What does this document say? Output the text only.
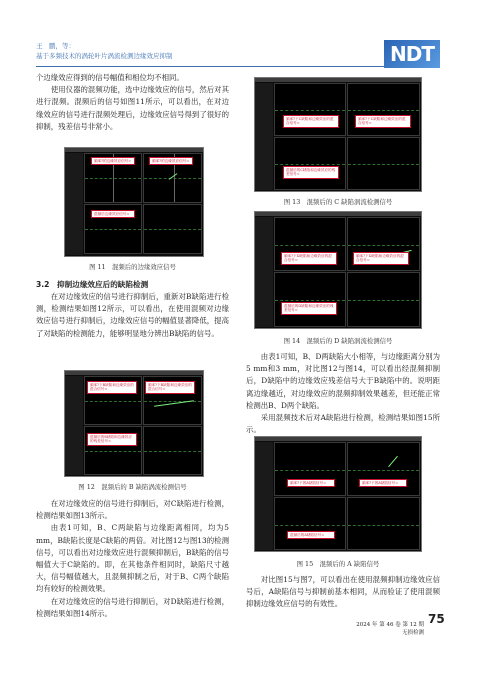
王　鹏，等：
基于多频技术的涡轮叶片涡流检测边缘效应抑制	NDT

个边缘效应得到的信号幅值和相位均不相同。

使用仪器的混频功能，选中边缘效应的信号，然后对其进行混频。混频后的信号如图11所示，可以看出，在对边缘效应的信号进行混频处理后，边缘效应信号得到了很好的抑制，残差信号非常小。

频率?的边缘效应信号=	频率?的边缘效应信号=
混频后边缘效应信号=
图 11　混频后的边缘效应信号
3.2　抑制边缘效应后的缺陷检测

在对边缘效应的信号进行抑制后，重新对B缺陷进行检测，检测结果如图12所示，可以看出，在使用混频对边缘效应信号进行抑制后，边缘效应信号的幅值显著降低，提高了对缺陷的检测能力，能够明显地分辨出B缺陷的信号。

频率?下B缺陷和边缘效应的混合信号=
频率?下B缺陷和边缘效应的混合信号=
混频后的B缺陷和边缘效应的残差信号=
图 12　混频后的 B 缺陷涡流检测信号

在对边缘效应的信号进行抑制后，对C缺陷进行检测，检测结果如图13所示。

由表1可知，B、C两缺陷与边缘距离相同，均为5 mm，B缺陷长度是C缺陷的两倍。对比图12与图13的检测信号，可以看出对边缘效应进行混频抑制后，B缺陷的信号幅值大于C缺陷的。即，在其他条件相同时，缺陷尺寸越大，信号幅值越大，且混频抑制之后，对于B、C两个缺陷均有较好的检测效果。

在对边缘效应的信号进行抑制后，对D缺陷进行检测，检测结果如图14所示。

频率?下C缺陷和边缘效应的混合信号=
频率?下C缺陷和边缘效应的混合信号=
混频后的C缺陷和边缘效应的残差信号=
图 13　混频后的 C 缺陷涡流检测信号
频率?下D缺陷和边缘效应的混合信号=
频率?下D缺陷和边缘效应的混合信号=
混频后的D缺陷和边缘效应的残差信号=
图 14　混频后的 D 缺陷涡流检测信号

由表1可知，B、D两缺陷大小相等，与边缘距离分别为5 mm和3 mm，对比图12与图14，可以看出经混频抑制后，D缺陷中的边缘效应残差信号大于B缺陷中的。说明距离边缘越近，对边缘效应的混频抑制效果越差，但还能正常检测出B、D两个缺陷。

采用混频技术后对A缺陷进行检测，检测结果如图15所示。

频率?下的A缺陷信号=	频率?下的A缺陷信号=
混频后的A缺陷信号=
图 15　混频后的 A 缺陷信号

对比图15与图7，可以看出在使用混频抑制边缘效应信号后，A缺陷信号与抑制前基本相同，从而验证了使用混频抑制边缘效应信号的有效性。

75
2024 年 第 46 卷 第 12 期
无损检测
